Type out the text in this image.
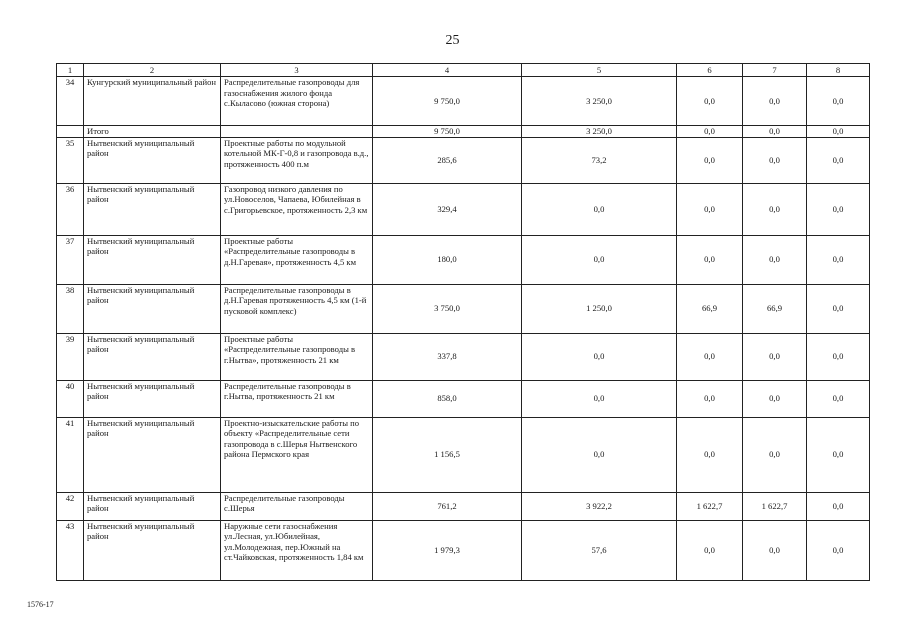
25
1	2	3	4	5	6	7	8
34	Кунгурский муниципальный район	Распределительные газопроводы для газоснабжения жилого фонда с.Кыласово (южная сторона)	9 750,0	3 250,0	0,0	0,0	0,0
	Итого		9 750,0	3 250,0	0,0	0,0	0,0
35	Нытвенский муниципальный район	Проектные работы по модульной котельной МК-Г-0,8 и газопровода в.д., протяженность 400 п.м	285,6	73,2	0,0	0,0	0,0
36	Нытвенский муниципальный район	Газопровод низкого давления по ул.Новоселов, Чапаева, Юбилейная в с.Григорьевское, протяженность 2,3 км	329,4	0,0	0,0	0,0	0,0
37	Нытвенский муниципальный район	Проектные работы «Распределительные газопроводы в д.Н.Гаревая», протяженность 4,5 км	180,0	0,0	0,0	0,0	0,0
38	Нытвенский муниципальный район	Распределительные газопроводы в д.Н.Гаревая протяженность 4,5 км (1-й пусковой комплекс)	3 750,0	1 250,0	66,9	66,9	0,0
39	Нытвенский муниципальный район	Проектные работы «Распределительные газопроводы в г.Нытва», протяженность 21 км	337,8	0,0	0,0	0,0	0,0
40	Нытвенский муниципальный район	Распределительные газопроводы в г.Нытва, протяженность 21 км	858,0	0,0	0,0	0,0	0,0
41	Нытвенский муниципальный район	Проектно-изыскательские работы по объекту «Распределительные сети газопровода в с.Шерья Нытвенского района Пермского края	1 156,5	0,0	0,0	0,0	0,0
42	Нытвенский муниципальный район	Распределительные газопроводы с.Шерья	761,2	3 922,2	1 622,7	1 622,7	0,0
43	Нытвенский муниципальный район	Наружные сети газоснабжения ул.Лесная, ул.Юбилейная, ул.Молодежная, пер.Южный на ст.Чайковская, протяженность 1,84 км	1 979,3	57,6	0,0	0,0	0,0
1576-17
